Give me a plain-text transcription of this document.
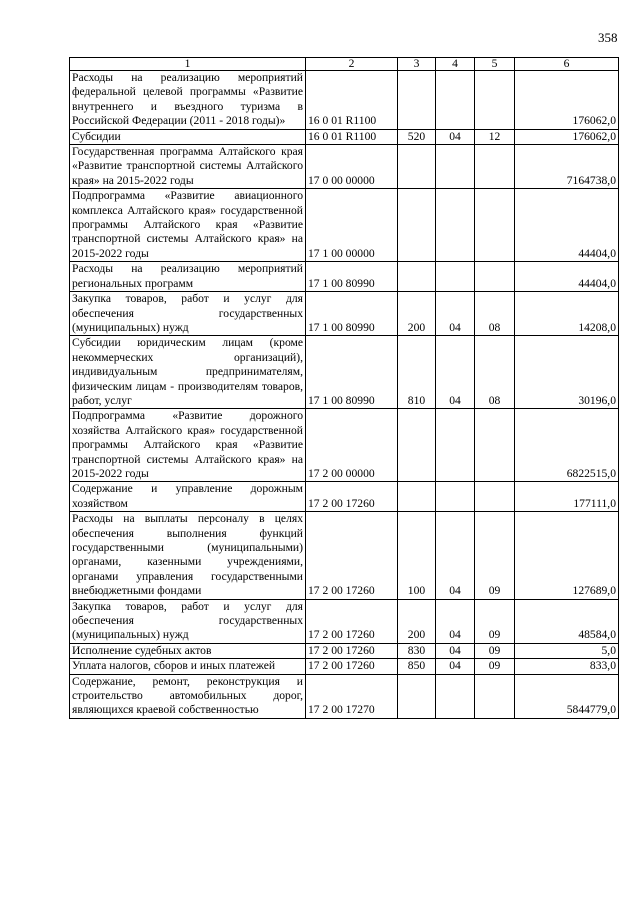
358
1	2	3	4	5	6
Расходы на реализацию мероприятий федеральной целевой программы «Развитие внутреннего и въездного туризма в Российской Федерации (2011 - 2018 годы)»	16 0 01 R1100				176062,0
Субсидии	16 0 01 R1100	520	04	12	176062,0
Государственная программа Алтайского края «Развитие транспортной системы Алтайского края» на 2015-2022 годы	17 0 00 00000				7164738,0
Подпрограмма «Развитие авиационного комплекса Алтайского края» государственной программы Алтайского края «Развитие транспортной системы Алтайского края» на 2015-2022 годы	17 1 00 00000				44404,0
Расходы на реализацию мероприятий региональных программ	17 1 00 80990				44404,0
Закупка товаров, работ и услуг для обеспечения государственных (муниципальных) нужд	17 1 00 80990	200	04	08	14208,0
Субсидии юридическим лицам (кроме некоммерческих организаций), индивидуальным предпринимателям, физическим лицам - производителям товаров, работ, услуг	17 1 00 80990	810	04	08	30196,0
Подпрограмма «Развитие дорожного хозяйства Алтайского края» государственной программы Алтайского края «Развитие транспортной системы Алтайского края» на 2015-2022 годы	17 2 00 00000				6822515,0
Содержание и управление дорожным хозяйством	17 2 00 17260				177111,0
Расходы на выплаты персоналу в целях обеспечения выполнения функций государственными (муниципальными) органами, казенными учреждениями, органами управления государственными внебюджетными фондами	17 2 00 17260	100	04	09	127689,0
Закупка товаров, работ и услуг для обеспечения государственных (муниципальных) нужд	17 2 00 17260	200	04	09	48584,0
Исполнение судебных актов	17 2 00 17260	830	04	09	5,0
Уплата налогов, сборов и иных платежей	17 2 00 17260	850	04	09	833,0
Содержание, ремонт, реконструкция и строительство автомобильных дорог, являющихся краевой собственностью	17 2 00 17270				5844779,0
